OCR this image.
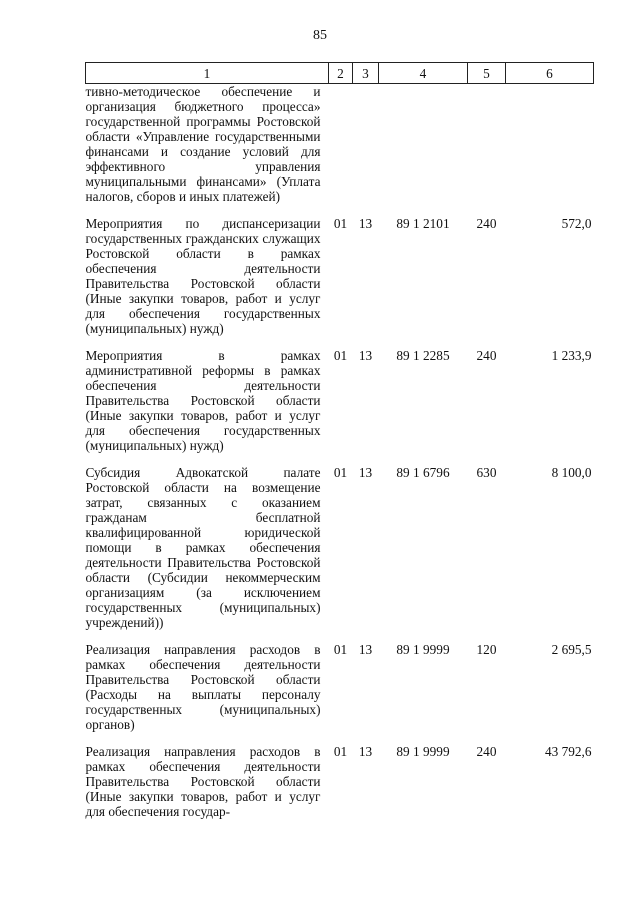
85
1	2	3	4	5	6
тивно-методическое обеспечение и организация бюджетного процесса» государственной программы Ростовской области «Управление государственными финансами и создание условий для эффективного управления муниципальными финансами» (Уплата налогов, сборов и иных платежей)					
Мероприятия по диспансеризации государственных гражданских служащих Ростовской области в рамках обеспечения деятельности Правительства Ростовской области (Иные закупки товаров, работ и услуг для обеспечения государственных (муниципальных) нужд)	01	13	89 1 2101	240	572,0
Мероприятия в рамках административной реформы в рамках обеспечения деятельности Правительства Ростовской области (Иные закупки товаров, работ и услуг для обеспечения государственных (муниципальных) нужд)	01	13	89 1 2285	240	1 233,9
Субсидия Адвокатской палате Ростовской области на возмещение затрат, связанных с оказанием гражданам бесплатной квалифицированной юридической помощи в рамках обеспечения деятельности Правительства Ростовской области (Субсидии некоммерческим организациям (за исключением государственных (муниципальных) учреждений))	01	13	89 1 6796	630	8 100,0
Реализация направления расходов в рамках обеспечения деятельности Правительства Ростовской области (Расходы на выплаты персоналу государственных (муниципальных) органов)	01	13	89 1 9999	120	2 695,5
Реализация направления расходов в рамках обеспечения деятельности Правительства Ростовской области (Иные закупки товаров, работ и услуг для обеспечения государ-	01	13	89 1 9999	240	43 792,6
